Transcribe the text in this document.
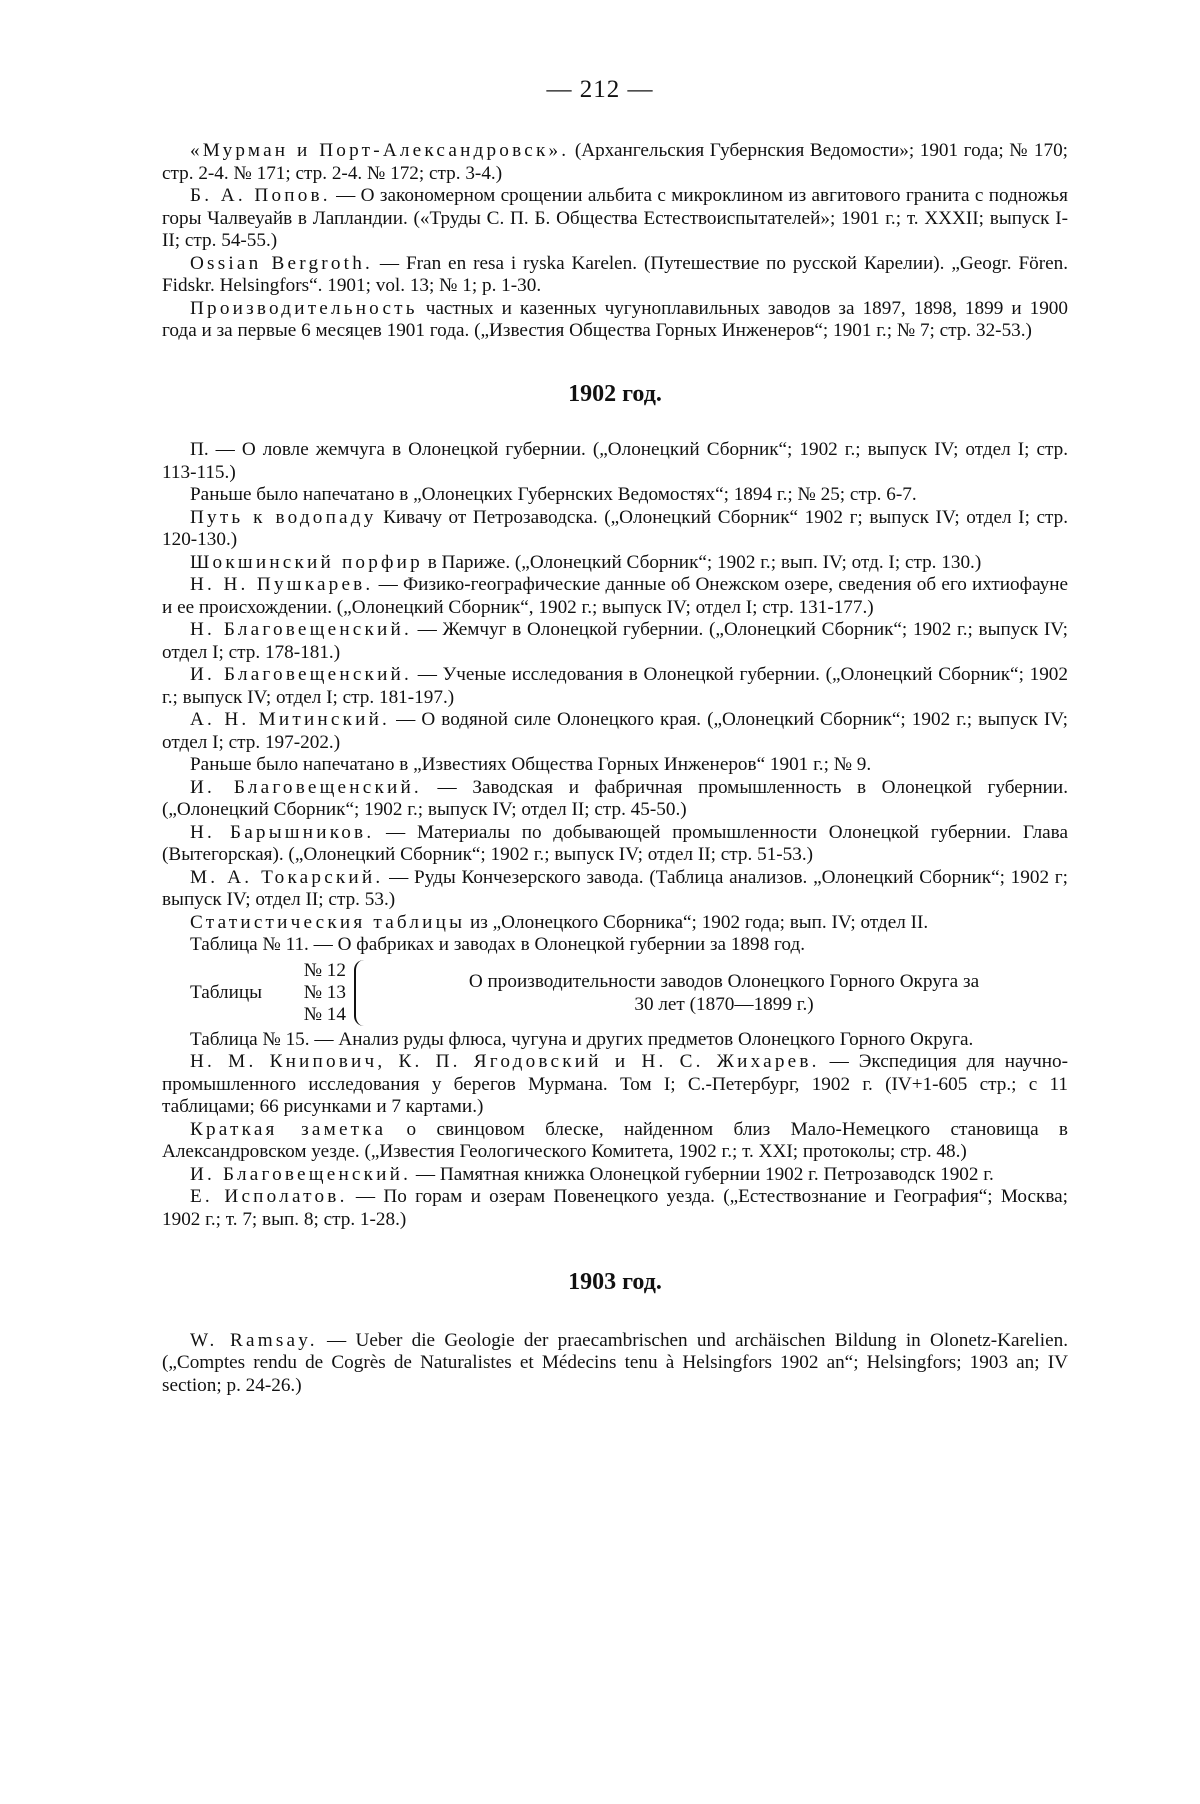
— 212 —

«Мурман и Порт-Александровск». (Архангельския Губернския Ведомости»; 1901 года; № 170; стр. 2-4. № 171; стр. 2-4. № 172; стр. 3-4.)

Б. А. Попов. — О закономерном срощении альбита с микроклином из авгитового гранита с подножья горы Чалвеуайв в Лапландии. («Труды С. П. Б. Общества Естествоиспытателей»; 1901 г.; т. XXXII; выпуск I-II; стр. 54-55.)

Ossian Bergroth. — Fran en resa i ryska Karelen. (Путешествие по русской Карелии). „Geogr. Fören. Fidskr. Helsingfors“. 1901; vol. 13; № 1; p. 1-30.

Производительность частных и казенных чугуноплавильных заводов за 1897, 1898, 1899 и 1900 года и за первые 6 месяцев 1901 года. („Известия Общества Горных Инженеров“; 1901 г.; № 7; стр. 32-53.)

1902 год.

П. — О ловле жемчуга в Олонецкой губернии. („Олонецкий Сборник“; 1902 г.; выпуск IV; отдел I; стр. 113-115.)

Раньше было напечатано в „Олонецких Губернских Ведомостях“; 1894 г.; № 25; стр. 6-7.

Путь к водопаду Кивачу от Петрозаводска. („Олонецкий Сборник“ 1902 г; выпуск IV; отдел I; стр. 120-130.)

Шокшинский порфир в Париже. („Олонецкий Сборник“; 1902 г.; вып. IV; отд. I; стр. 130.)

Н. Н. Пушкарев. — Физико-географические данные об Онежском озере, сведения об его ихтиофауне и ее происхождении. („Олонецкий Сборник“, 1902 г.; выпуск IV; отдел I; стр. 131-177.)

Н. Благовещенский. — Жемчуг в Олонецкой губернии. („Олонецкий Сборник“; 1902 г.; выпуск IV; отдел I; стр. 178-181.)

И. Благовещенский. — Ученые исследования в Олонецкой губернии. („Олонецкий Сборник“; 1902 г.; выпуск IV; отдел I; стр. 181-197.)

А. Н. Митинский. — О водяной силе Олонецкого края. („Олонецкий Сборник“; 1902 г.; выпуск IV; отдел I; стр. 197-202.)

Раньше было напечатано в „Известиях Общества Горных Инженеров“ 1901 г.; № 9.

И. Благовещенский. — Заводская и фабричная промышленность в Олонецкой губернии. („Олонецкий Сборник“; 1902 г.; выпуск IV; отдел II; стр. 45-50.)

Н. Барышников. — Материалы по добывающей промышленности Олонецкой губернии. Глава (Вытегорская). („Олонецкий Сборник“; 1902 г.; выпуск IV; отдел II; стр. 51-53.)

М. А. Токарский. — Руды Кончезерского завода. (Таблица анализов. „Олонецкий Сборник“; 1902 г; выпуск IV; отдел II; стр. 53.)

Статистическия таблицы из „Олонецкого Сборника“; 1902 года; вып. IV; отдел II.

Таблица № 11. — О фабриках и заводах в Олонецкой губернии за 1898 год.

Таблицы
№ 12
№ 13
№ 14
О производительности заводов Олонецкого Горного Округа за
30 лет (1870—1899 г.)

Таблица № 15. — Анализ руды флюса, чугуна и других предметов Олонецкого Горного Округа.

Н. М. Книпович, К. П. Ягодовский и Н. С. Жихарев. — Экспедиция для научно-промышленного исследования у берегов Мурмана. Том I; С.-Петербург, 1902 г. (IV+1-605 стр.; с 11 таблицами; 66 рисунками и 7 картами.)

Краткая заметка о свинцовом блеске, найденном близ Мало-Немецкого становища в Александровском уезде. („Известия Геологического Комитета, 1902 г.; т. XXI; протоколы; стр. 48.)

И. Благовещенский. — Памятная книжка Олонецкой губернии 1902 г. Петрозаводск 1902 г.

Е. Исполатов. — По горам и озерам Повенецкого уезда. („Естествознание и География“; Москва; 1902 г.; т. 7; вып. 8; стр. 1-28.)

1903 год.

W. Ramsay. — Ueber die Geologie der praecambrischen und archäischen Bildung in Olonetz-Karelien. („Comptes rendu de Cogrès de Naturalistes et Médecins tenu à Helsingfors 1902 an“; Helsingfors; 1903 an; IV section; p. 24-26.)
